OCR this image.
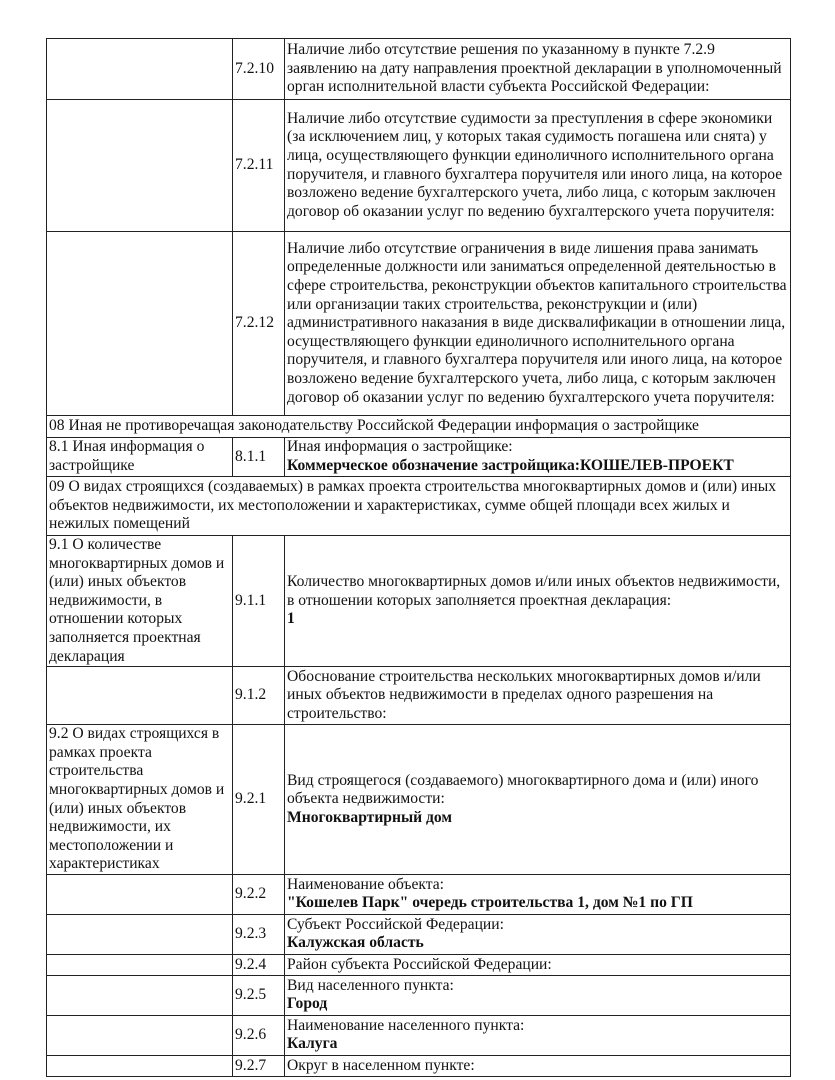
	7.2.10	Наличие либо отсутствие решения по указанному в пункте 7.2.9 заявлению на дату направления проектной декларации в уполномоченный орган исполнительной власти субъекта Российской Федерации:

	7.2.11	Наличие либо отсутствие судимости за преступления в сфере экономики (за исключением лиц, у которых такая судимость погашена или снята) у лица, осуществляющего функции единоличного исполнительного органа поручителя, и главного бухгалтера поручителя или иного лица, на которое возложено ведение бухгалтерского учета, либо лица, с которым заключен договор об оказании услуг по ведению бухгалтерского учета поручителя:

	7.2.12	Наличие либо отсутствие ограничения в виде лишения права занимать определенные должности или заниматься определенной деятельностью в сфере строительства, реконструкции объектов капитального строительства или организации таких строительства, реконструкции и (или) административного наказания в виде дисквалификации в отношении лица, осуществляющего функции единоличного исполнительного органа поручителя, и главного бухгалтера поручителя или иного лица, на которое возложено ведение бухгалтерского учета, либо лица, с которым заключен договор об оказании услуг по ведению бухгалтерского учета поручителя:

08 Иная не противоречащая законодательству Российской Федерации информация о застройщике		
8.1 Иная информация о застройщике	8.1.1	Иная информация о застройщике:
Коммерческое обозначение застройщика:КОШЕЛЕВ-ПРОЕКТ

09 О видах строящихся (создаваемых) в рамках проекта строительства многоквартирных домов и (или) иных объектов недвижимости, их местоположении и характеристиках, сумме общей площади всех жилых и нежилых помещений		
9.1 О количестве многоквартирных домов и (или) иных объектов недвижимости, в отношении которых заполняется проектная декларация	9.1.1	Количество многоквартирных домов и/или иных объектов недвижимости, в отношении которых заполняется проектная декларация:
1

	9.1.2	Обоснование строительства нескольких многоквартирных домов и/или иных объектов недвижимости в пределах одного разрешения на строительство:

9.2 О видах строящихся в рамках проекта строительства многоквартирных домов и (или) иных объектов недвижимости, их местоположении и характеристиках	9.2.1	Вид строящегося (создаваемого) многоквартирного дома и (или) иного объекта недвижимости:
Многоквартирный дом

	9.2.2	Наименование объекта:
"Кошелев Парк" очередь строительства 1, дом №1 по ГП

	9.2.3	Субъект Российской Федерации:
Калужская область

	9.2.4	Район субъекта Российской Федерации:

	9.2.5	Вид населенного пункта:
Город

	9.2.6	Наименование населенного пункта:
Калуга

	9.2.7	Округ в населенном пункте:
